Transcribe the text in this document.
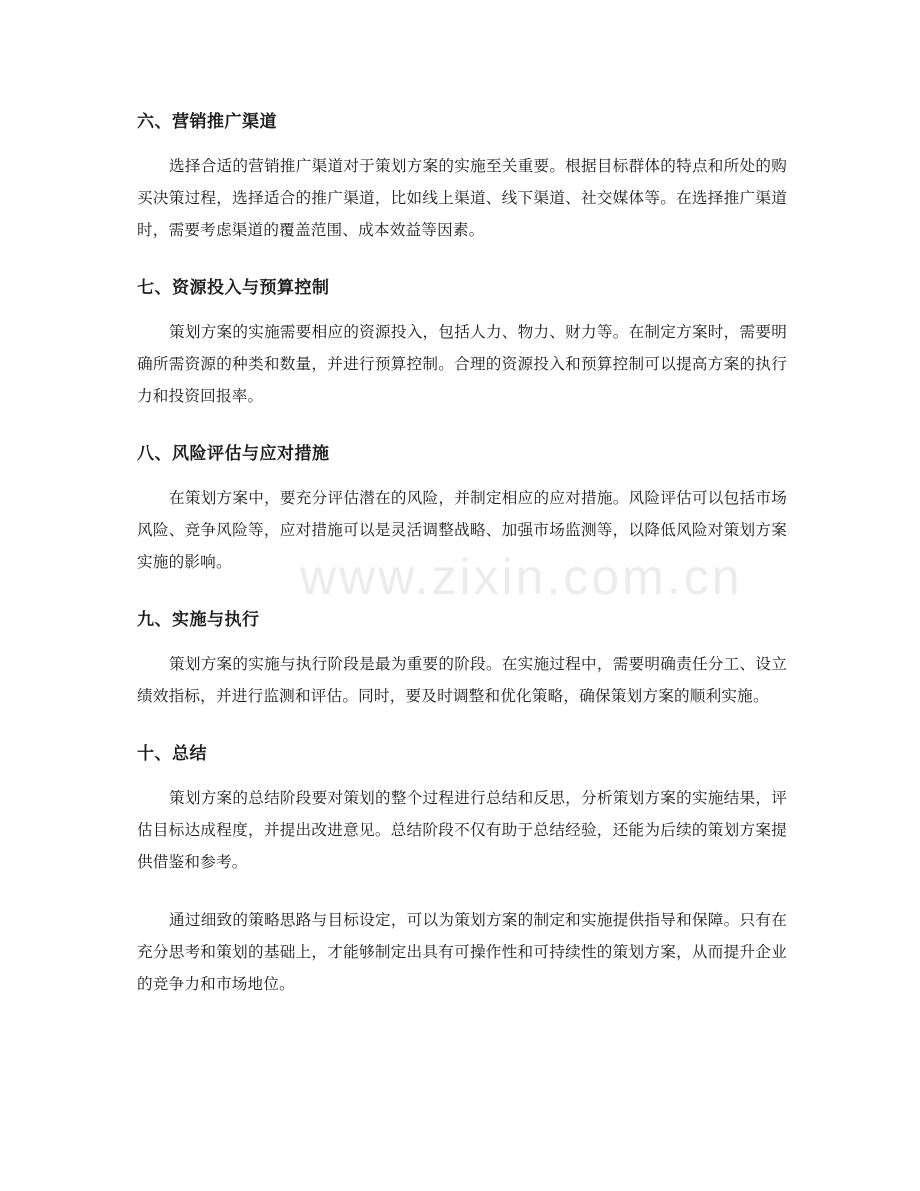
六、营销推广渠道

选择合适的营销推广渠道对于策划方案的实施至关重要。根据目标群体的特点和所处的购买决策过程，选择适合的推广渠道，比如线上渠道、线下渠道、社交媒体等。在选择推广渠道时，需要考虑渠道的覆盖范围、成本效益等因素。

七、资源投入与预算控制

策划方案的实施需要相应的资源投入，包括人力、物力、财力等。在制定方案时，需要明确所需资源的种类和数量，并进行预算控制。合理的资源投入和预算控制可以提高方案的执行力和投资回报率。

八、风险评估与应对措施

在策划方案中，要充分评估潜在的风险，并制定相应的应对措施。风险评估可以包括市场风险、竞争风险等，应对措施可以是灵活调整战略、加强市场监测等，以降低风险对策划方案实施的影响。

九、实施与执行

策划方案的实施与执行阶段是最为重要的阶段。在实施过程中，需要明确责任分工、设立绩效指标，并进行监测和评估。同时，要及时调整和优化策略，确保策划方案的顺利实施。

十、总结

策划方案的总结阶段要对策划的整个过程进行总结和反思，分析策划方案的实施结果，评估目标达成程度，并提出改进意见。总结阶段不仅有助于总结经验，还能为后续的策划方案提供借鉴和参考。

通过细致的策略思路与目标设定，可以为策划方案的制定和实施提供指导和保障。只有在充分思考和策划的基础上，才能够制定出具有可操作性和可持续性的策划方案，从而提升企业的竞争力和市场地位。

www.zixin.com.cn
